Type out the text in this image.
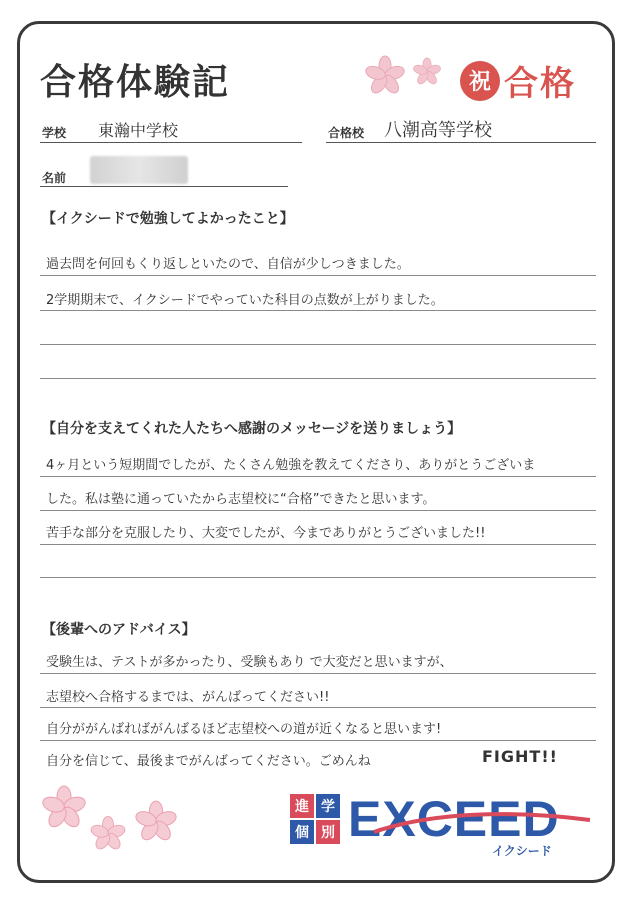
合格体験記	祝 合格
学校 東瀚中学校	合格校 八潮高等学校
名前
【イクシードで勉強してよかったこと】
過去問を何回もくり返しといたので、自信が少しつきました。
2学期期末で、イクシードでやっていた科目の点数が上がりました。
【自分を支えてくれた人たちへ感謝のメッセージを送りましょう】
4ヶ月という短期間でしたが、たくさん勉強を教えてくださり、ありがとうございま
した。私は塾に通っていたから志望校に“合格”できたと思います。
苦手な部分を克服したり、大変でしたが、今までありがとうございました!!
【後輩へのアドバイス】
受験生は、テストが多かったり、受験もあり で大変だと思いますが、
志望校へ合格するまでは、がんばってください!!
自分ががんばればがんばるほど志望校への道が近くなると思います!
自分を信じて、最後までがんばってください。ごめんね	FIGHT!!
進 学
個 別 EXCEED
イクシード
